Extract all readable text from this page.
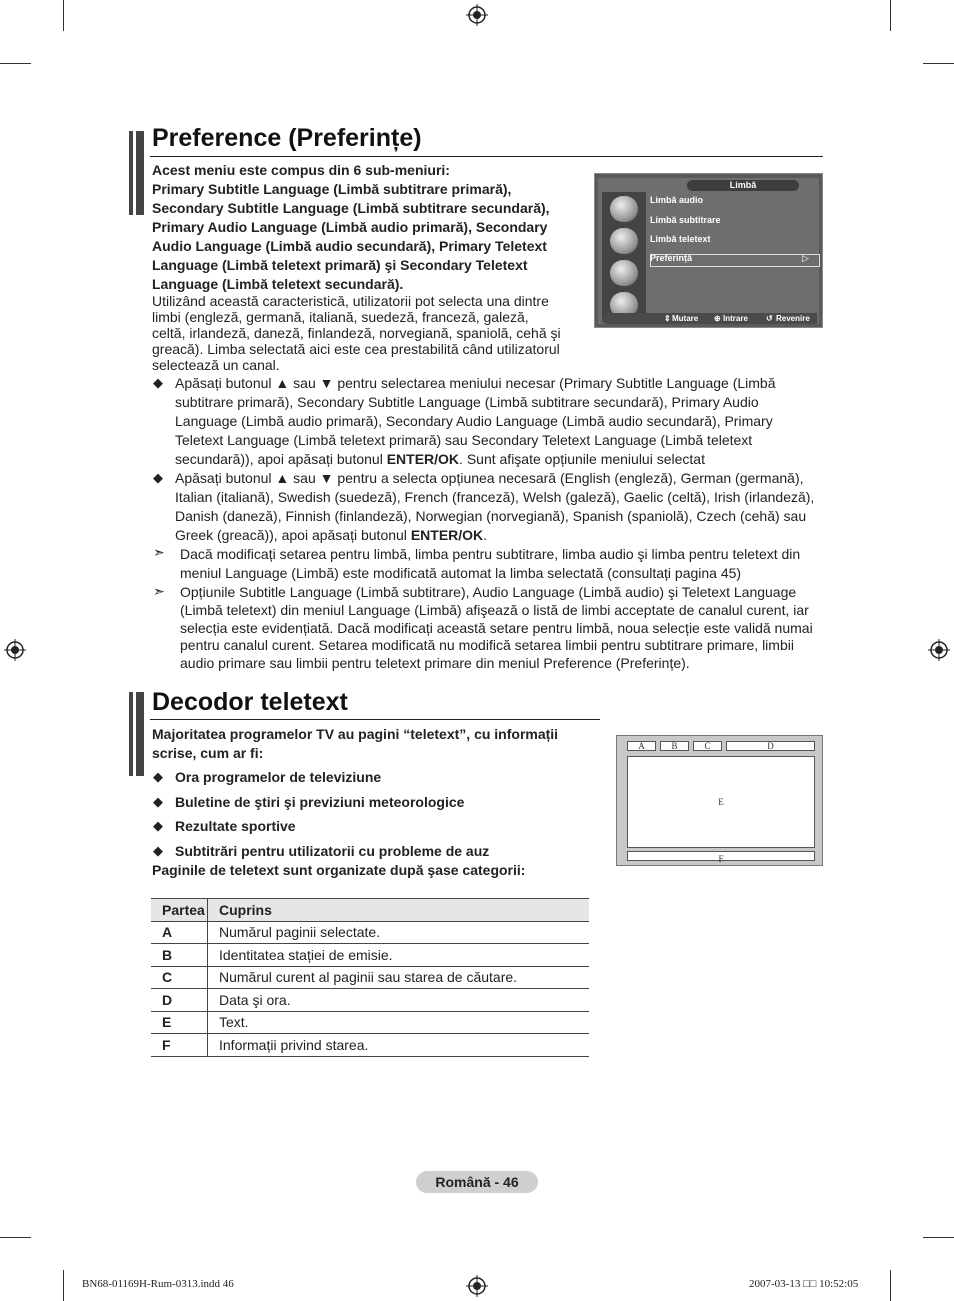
Preference (Preferințe)
Acest meniu este compus din 6 sub-meniuri:
Primary Subtitle Language (Limbă subtitrare primară),
Secondary Subtitle Language (Limbă subtitrare secundară),
Primary Audio Language (Limbă audio primară), Secondary
Audio Language (Limbă audio secundară), Primary Teletext
Language (Limbă teletext primară) şi Secondary Teletext
Language (Limbă teletext secundară).
Utilizând această caracteristică, utilizatorii pot selecta una dintre
limbi (engleză, germană, italiană, suedeză, franceză, galeză,
celtă, irlandeză, daneză, finlandeză, norvegiană, spaniolă, cehă şi
greacă). Limba selectată aici este cea prestabilită când utilizatorul
selectează un canal.
Limbă
Limbă audio
Limbă subtitrare
Limbă teletext
Preferință	▷
⇕ Mutare ⊕ Intrare ↺ Revenire
◆ Apăsați butonul ▲ sau ▼ pentru selectarea meniului necesar (Primary Subtitle Language (Limbă
subtitrare primară), Secondary Subtitle Language (Limbă subtitrare secundară), Primary Audio
Language (Limbă audio primară), Secondary Audio Language (Limbă audio secundară), Primary
Teletext Language (Limbă teletext primară) sau Secondary Teletext Language (Limbă teletext
secundară)), apoi apăsați butonul ENTER/OK. Sunt afişate opțiunile meniului selectat
◆ Apăsați butonul ▲ sau ▼ pentru a selecta opțiunea necesară (English (engleză), German (germană),
Italian (italiană), Swedish (suedeză), French (franceză), Welsh (galeză), Gaelic (celtă), Irish (irlandeză),
Danish (daneză), Finnish (finlandeză), Norwegian (norvegiană), Spanish (spaniolă), Czech (cehă) sau
Greek (greacă)), apoi apăsați butonul ENTER/OK.
➣ Dacă modificați setarea pentru limbă, limba pentru subtitrare, limba audio şi limba pentru teletext din
meniul Language (Limbă) este modificată automat la limba selectată (consultați pagina 45)
➣ Opțiunile Subtitle Language (Limbă subtitrare), Audio Language (Limbă audio) şi Teletext Language
(Limbă teletext) din meniul Language (Limbă) afişează o listă de limbi acceptate de canalul curent, iar
selecția este evidențiată. Dacă modificați această setare pentru limbă, noua selecție este validă numai
pentru canalul curent. Setarea modificată nu modifică setarea limbii pentru subtitrare primare, limbii
audio primare sau limbii pentru teletext primare din meniul Preference (Preferințe).
Decodor teletext
Majoritatea programelor TV au pagini “teletext”, cu informații
scrise, cum ar fi:
◆ Ora programelor de televiziune
◆ Buletine de ştiri şi previziuni meteorologice
◆ Rezultate sportive
◆ Subtitrări pentru utilizatorii cu probleme de auz
Paginile de teletext sunt organizate după şase categorii:
A	B	C	D
E
F
Partea	Cuprins
A	Numărul paginii selectate.
B	Identitatea stației de emisie.
C	Numărul curent al paginii sau starea de căutare.
D	Data şi ora.
E	Text.
F	Informații privind starea.
Română - 46
BN68-01169H-Rum-0313.indd 46	2007-03-13 □□ 10:52:05
